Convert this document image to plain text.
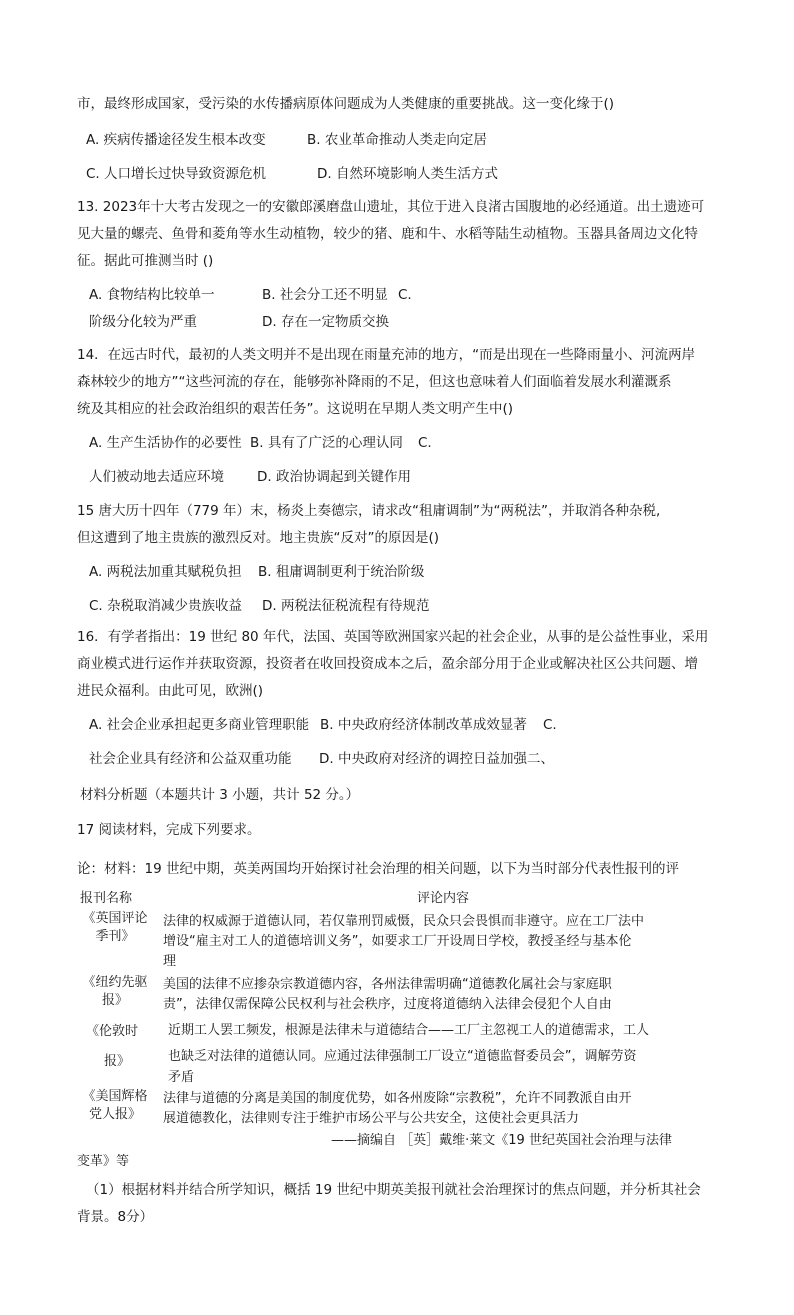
市，最终形成国家，受污染的水传播病原体问题成为人类健康的重要挑战。这一变化缘于()
A. 疾病传播途径发生根本改变	B. 农业革命推动人类走向定居
C. 人口增长过快导致资源危机	D. 自然环境影响人类生活方式
13. 2023年十大考古发现之一的安徽郎溪磨盘山遗址，其位于进入良渚古国腹地的必经通道。出土遗迹可
见大量的螺壳、鱼骨和菱角等水生动植物，较少的猪、鹿和牛、水稻等陆生动植物。玉器具备周边文化特
征。据此可推测当时 ()
A. 食物结构比较单一	B. 社会分工还不明显 C.
阶级分化较为严重	D. 存在一定物质交换
14．在远古时代，最初的人类文明并不是出现在雨量充沛的地方，“而是出现在一些降雨量小、河流两岸
森林较少的地方”“这些河流的存在，能够弥补降雨的不足，但这也意味着人们面临着发展水利灌溉系
统及其相应的社会政治组织的艰苦任务”。这说明在早期人类文明产生中()
A. 生产生活协作的必要性 B. 具有了广泛的心理认同 C.
人们被动地去适应环境 D. 政治协调起到关键作用
15 唐大历十四年（779 年）末，杨炎上奏德宗，请求改“租庸调制”为“两税法”，并取消各种杂税,
但这遭到了地主贵族的激烈反对。地主贵族“反对”的原因是()
A. 两税法加重其赋税负担 B. 租庸调制更利于统治阶级
C. 杂税取消减少贵族收益 D. 两税法征税流程有待规范
16．有学者指出：19 世纪 80 年代，法国、英国等欧洲国家兴起的社会企业，从事的是公益性事业，采用
商业模式进行运作并获取资源，投资者在收回投资成本之后，盈余部分用于企业或解决社区公共问题、增
进民众福利。由此可见，欧洲()
A. 社会企业承担起更多商业管理职能 B. 中央政府经济体制改革成效显著 C.
社会企业具有经济和公益双重功能 D. 中央政府对经济的调控日益加强二、
材料分析题（本题共计 3 小题，共计 52 分。）
17 阅读材料，完成下列要求。
论：材料：19 世纪中期，英美两国均开始探讨社会治理的相关问题，以下为当时部分代表性报刊的评
报刊名称	评论内容
《英国评论
季刊》
法律的权威源于道德认同，若仅靠刑罚威慑，民众只会畏惧而非遵守。应在工厂法中
增设“雇主对工人的道德培训义务”，如要求工厂开设周日学校，教授圣经与基本伦
理
《纽约先驱
报》
美国的法律不应掺杂宗教道德内容，各州法律需明确“道德教化属社会与家庭职
责”，法律仅需保障公民权利与社会秩序，过度将道德纳入法律会侵犯个人自由
《伦敦时
报》
近期工人罢工频发，根源是法律未与道德结合——工厂主忽视工人的道德需求，工人
也缺乏对法律的道德认同。应通过法律强制工厂设立“道德监督委员会”，调解劳资
矛盾
《美国辉格
党人报》
法律与道德的分离是美国的制度优势，如各州废除“宗教税”，允许不同教派自由开
展道德教化，法律则专注于维护市场公平与公共安全，这使社会更具活力
——摘编自 ［英］戴维·莱文《19 世纪英国社会治理与法律
变革》等
（1）根据材料并结合所学知识，概括 19 世纪中期英美报刊就社会治理探讨的焦点问题，并分析其社会
背景。8分）
